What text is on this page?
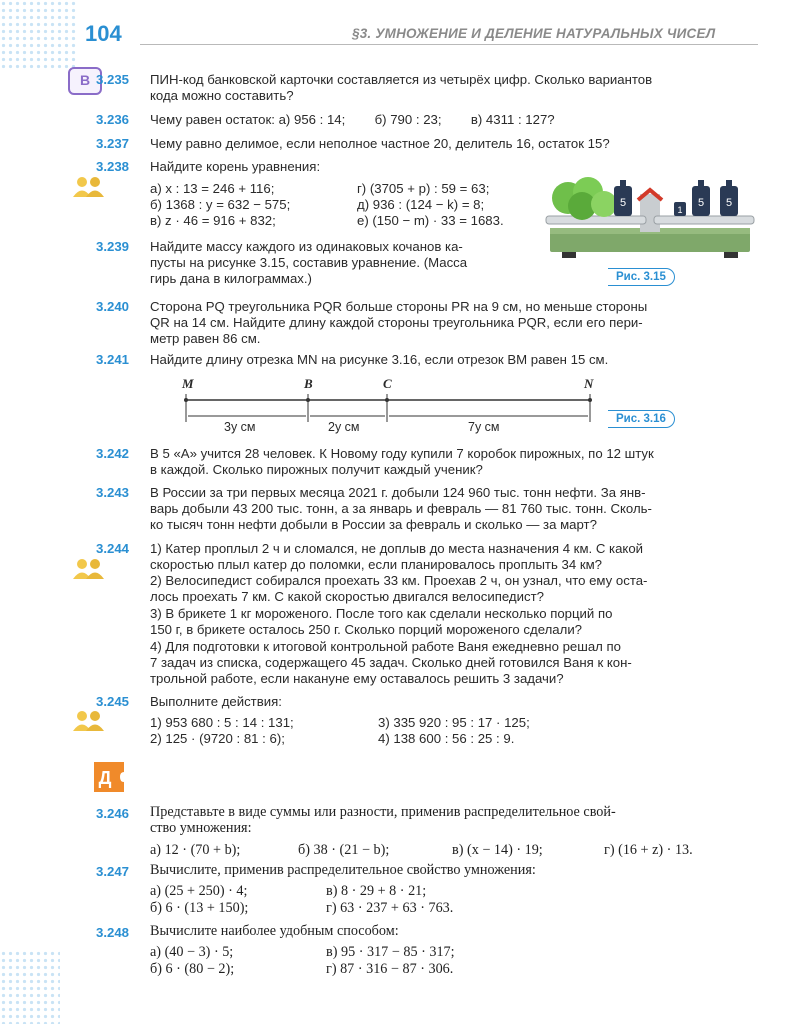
104	§3. УМНОЖЕНИЕ И ДЕЛЕНИЕ НАТУРАЛЬНЫХ ЧИСЕЛ
В 3.235 ПИН-код банковской карточки составляется из четырёх цифр. Сколько вариантов
кода можно составить?
3.236 Чему равен остаток: а) 956 : 14;        б) 790 : 23;        в) 4311 : 127?
3.237 Чему равно делимое, если неполное частное 20, делитель 16, остаток 15?
3.238 Найдите корень уравнения:
а) x : 13 = 246 + 116;	г) (3705 + p) : 59 = 63;
б) 1368 : y = 632 − 575;	д) 936 : (124 − k) = 8;
в) z · 46 = 916 + 832;	е) (150 − m) · 33 = 1683.
5
1
5 5
Рис. 3.15
3.239 Найдите массу каждого из одинаковых кочанов ка-
пусты на рисунке 3.15, составив уравнение. (Масса
гирь дана в килограммах.)
3.240 Сторона PQ треугольника PQR больше стороны PR на 9 см, но меньше стороны
QR на 14 см. Найдите длину каждой стороны треугольника PQR, если его пери-
метр равен 86 см.
3.241 Найдите длину отрезка MN на рисунке 3.16, если отрезок BM равен 15 см.
M	B	C	N
3y см	2y см	7y см
Рис. 3.16
3.242 В 5 «А» учится 28 человек. К Новому году купили 7 коробок пирожных, по 12 штук
в каждой. Сколько пирожных получит каждый ученик?
3.243 В России за три первых месяца 2021 г. добыли 124 960 тыс. тонн нефти. За янв-
варь добыли 43 200 тыс. тонн, а за январь и февраль — 81 760 тыс. тонн. Сколь-
ко тысяч тонн нефти добыли в России за февраль и сколько — за март?
3.244 1) Катер проплыл 2 ч и сломался, не доплыв до места назначения 4 км. С какой
скоростью плыл катер до поломки, если планировалось проплыть 34 км?
2) Велосипедист собирался проехать 33 км. Проехав 2 ч, он узнал, что ему оста-
лось проехать 7 км. С какой скоростью двигался велосипедист?
3) В брикете 1 кг мороженого. После того как сделали несколько порций по
150 г, в брикете осталось 250 г. Сколько порций мороженого сделали?
4) Для подготовки к итоговой контрольной работе Ваня ежедневно решал по
7 задач из списка, содержащего 45 задач. Сколько дней готовился Ваня к кон-
трольной работе, если накануне ему оставалось решить 3 задачи?
3.245 Выполните действия:
1) 953 680 : 5 : 14 : 131;	3) 335 920 : 95 : 17 · 125;
2) 125 · (9720 : 81 : 6);	4) 138 600 : 56 : 25 : 9.
Д
3.246 Представьте в виде суммы или разности, применив распределительное свой-
ство умножения:
а) 12 · (70 + b);	б) 38 · (21 − b);	в) (x − 14) · 19;	г) (16 + z) · 13.
3.247 Вычислите, применив распределительное свойство умножения:
а) (25 + 250) · 4;	в) 8 · 29 + 8 · 21;
б) 6 · (13 + 150);	г) 63 · 237 + 63 · 763.
3.248 Вычислите наиболее удобным способом:
а) (40 − 3) · 5;	в) 95 · 317 − 85 · 317;
б) 6 · (80 − 2);	г) 87 · 316 − 87 · 306.
